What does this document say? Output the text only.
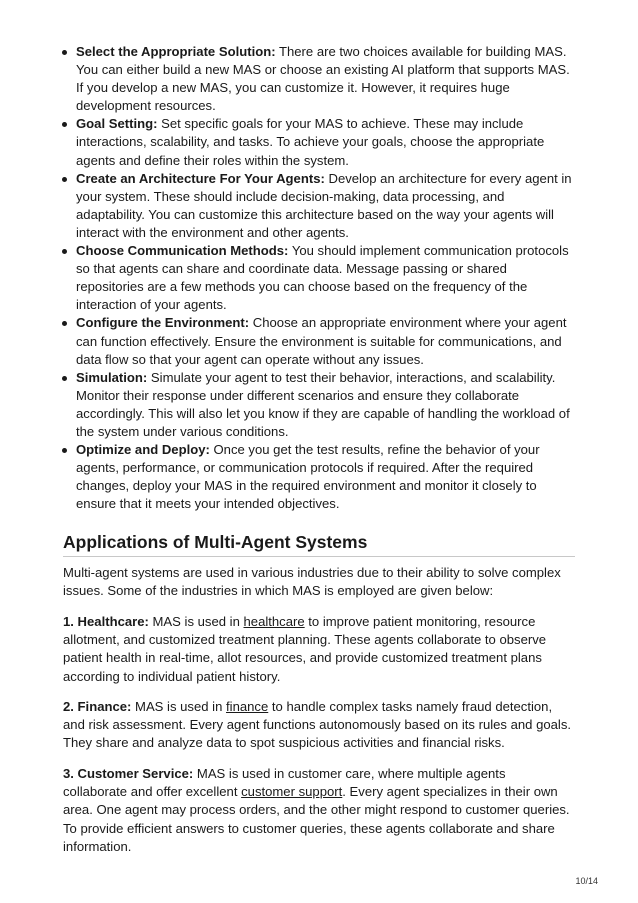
Select the Appropriate Solution: There are two choices available for building MAS. You can either build a new MAS or choose an existing AI platform that supports MAS. If you develop a new MAS, you can customize it. However, it requires huge development resources.
Goal Setting: Set specific goals for your MAS to achieve. These may include interactions, scalability, and tasks. To achieve your goals, choose the appropriate agents and define their roles within the system.
Create an Architecture For Your Agents: Develop an architecture for every agent in your system. These should include decision-making, data processing, and adaptability. You can customize this architecture based on the way your agents will interact with the environment and other agents.
Choose Communication Methods: You should implement communication protocols so that agents can share and coordinate data. Message passing or shared repositories are a few methods you can choose based on the frequency of the interaction of your agents.
Configure the Environment: Choose an appropriate environment where your agent can function effectively. Ensure the environment is suitable for communications, and data flow so that your agent can operate without any issues.
Simulation: Simulate your agent to test their behavior, interactions, and scalability. Monitor their response under different scenarios and ensure they collaborate accordingly. This will also let you know if they are capable of handling the workload of the system under various conditions.
Optimize and Deploy: Once you get the test results, refine the behavior of your agents, performance, or communication protocols if required. After the required changes, deploy your MAS in the required environment and monitor it closely to ensure that it meets your intended objectives.
Applications of Multi-Agent Systems

Multi-agent systems are used in various industries due to their ability to solve complex issues. Some of the industries in which MAS is employed are given below:

1. Healthcare: MAS is used in healthcare to improve patient monitoring, resource allotment, and customized treatment planning. These agents collaborate to observe patient health in real-time, allot resources, and provide customized treatment plans according to individual patient history.

2. Finance: MAS is used in finance to handle complex tasks namely fraud detection, and risk assessment. Every agent functions autonomously based on its rules and goals. They share and analyze data to spot suspicious activities and financial risks.

3. Customer Service: MAS is used in customer care, where multiple agents collaborate and offer excellent customer support. Every agent specializes in their own area. One agent may process orders, and the other might respond to customer queries. To provide efficient answers to customer queries, these agents collaborate and share information.

10/14
